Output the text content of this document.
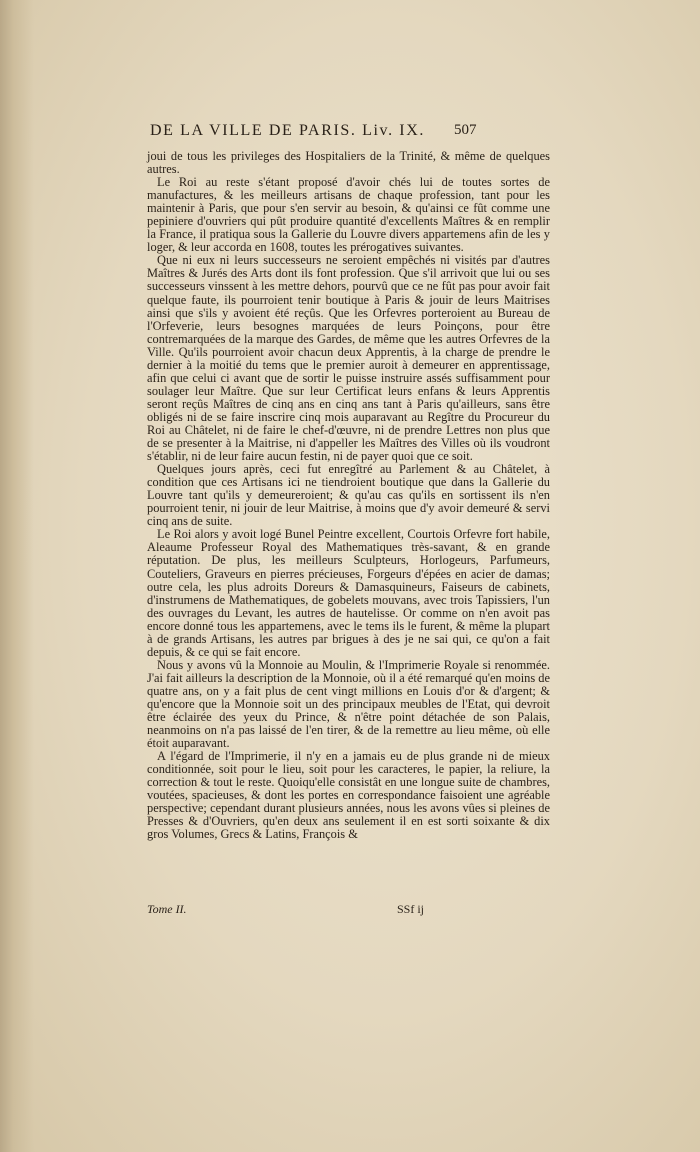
DE LA VILLE DE PARIS. Liv. IX. 507

joui de tous les privileges des Hospitaliers de la Trinité, & même de quelques autres.

Le Roi au reste s'étant proposé d'avoir chés lui de toutes sortes de manufactures, & les meilleurs artisans de chaque profession, tant pour les maintenir à Paris, que pour s'en servir au besoin, & qu'ainsi ce fût comme une pepiniere d'ouvriers qui pût produire quantité d'excellents Maîtres & en remplir la France, il pratiqua sous la Gallerie du Louvre divers appartemens afin de les y loger, & leur accorda en 1608, toutes les prérogatives suivantes.

Que ni eux ni leurs successeurs ne seroient empêchés ni visités par d'autres Maîtres & Jurés des Arts dont ils font profession. Que s'il arrivoit que lui ou ses successeurs vinssent à les mettre dehors, pourvû que ce ne fût pas pour avoir fait quelque faute, ils pourroient tenir boutique à Paris & jouir de leurs Maitrises ainsi que s'ils y avoient été reçûs. Que les Orfevres porteroient au Bureau de l'Orfeverie, leurs besognes marquées de leurs Poinçons, pour être contremarquées de la marque des Gardes, de même que les autres Orfevres de la Ville. Qu'ils pourroient avoir chacun deux Apprentis, à la charge de prendre le dernier à la moitié du tems que le premier auroit à demeurer en apprentissage, afin que celui ci avant que de sortir le puisse instruire assés suffisamment pour soulager leur Maître. Que sur leur Certificat leurs enfans & leurs Apprentis seront reçûs Maîtres de cinq ans en cinq ans tant à Paris qu'ailleurs, sans être obligés ni de se faire inscrire cinq mois auparavant au Regître du Procureur du Roi au Châtelet, ni de faire le chef-d'œuvre, ni de prendre Lettres non plus que de se presenter à la Maitrise, ni d'appeller les Maîtres des Villes où ils voudront s'établir, ni de leur faire aucun festin, ni de payer quoi que ce soit.

Quelques jours après, ceci fut enregîtré au Parlement & au Châtelet, à condition que ces Artisans ici ne tiendroient boutique que dans la Gallerie du Louvre tant qu'ils y demeureroient; & qu'au cas qu'ils en sortissent ils n'en pourroient tenir, ni jouir de leur Maitrise, à moins que d'y avoir demeuré & servi cinq ans de suite.

Le Roi alors y avoit logé Bunel Peintre excellent, Courtois Orfevre fort habile, Aleaume Professeur Royal des Mathematiques très-savant, & en grande réputation. De plus, les meilleurs Sculpteurs, Horlogeurs, Parfumeurs, Couteliers, Graveurs en pierres précieuses, Forgeurs d'épées en acier de damas; outre cela, les plus adroits Doreurs & Damasquineurs, Faiseurs de cabinets, d'instrumens de Mathematiques, de gobelets mouvans, avec trois Tapissiers, l'un des ouvrages du Levant, les autres de hautelisse. Or comme on n'en avoit pas encore donné tous les appartemens, avec le tems ils le furent, & même la plupart à de grands Artisans, les autres par brigues à des je ne sai qui, ce qu'on a fait depuis, & ce qui se fait encore.

Nous y avons vû la Monnoie au Moulin, & l'Imprimerie Royale si renommée. J'ai fait ailleurs la description de la Monnoie, où il a été remarqué qu'en moins de quatre ans, on y a fait plus de cent vingt millions en Louis d'or & d'argent; & qu'encore que la Monnoie soit un des principaux meubles de l'Etat, qui devroit être éclairée des yeux du Prince, & n'être point détachée de son Palais, neanmoins on n'a pas laissé de l'en tirer, & de la remettre au lieu même, où elle étoit auparavant.

A l'égard de l'Imprimerie, il n'y en a jamais eu de plus grande ni de mieux conditionnée, soit pour le lieu, soit pour les caracteres, le papier, la reliure, la correction & tout le reste. Quoiqu'elle consistât en une longue suite de chambres, voutées, spacieuses, & dont les portes en correspondance faisoient une agréable perspective; cependant durant plusieurs années, nous les avons vûes si pleines de Presses & d'Ouvriers, qu'en deux ans seulement il en est sorti soixante & dix gros Volumes, Grecs & Latins, François &

Tome II.	SSf ij
